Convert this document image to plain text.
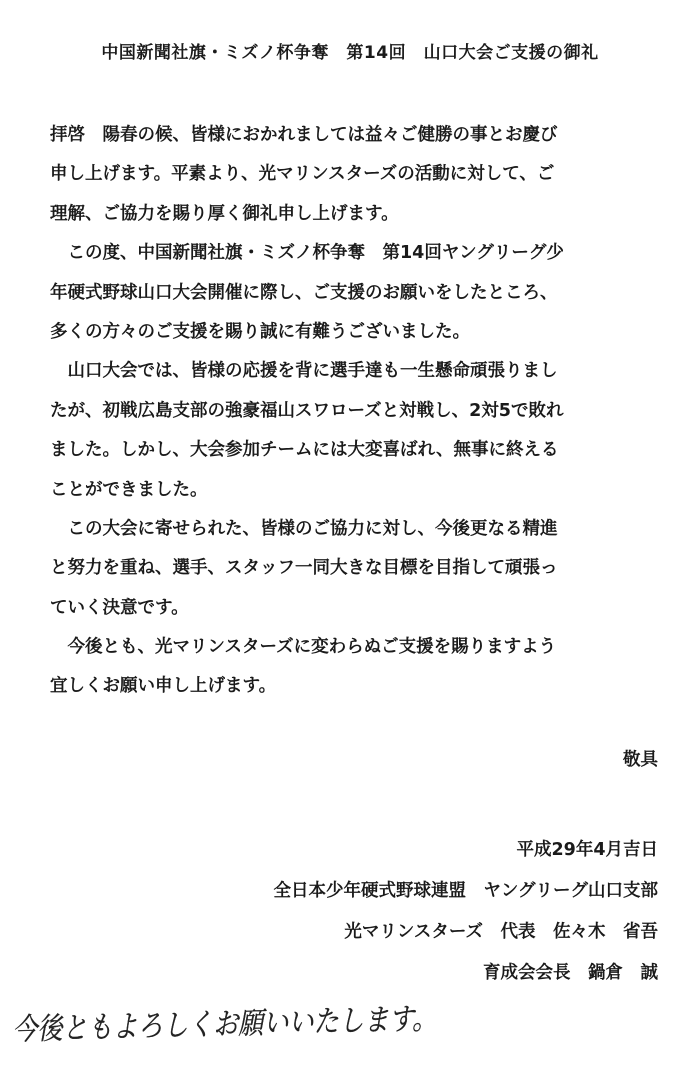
中国新聞社旗・ミズノ杯争奪　第14回　山口大会ご支援の御礼
拝啓　陽春の候、皆様におかれましては益々ご健勝の事とお慶び
申し上げます。平素より、光マリンスターズの活動に対して、ご
理解、ご協力を賜り厚く御礼申し上げます。
　この度、中国新聞社旗・ミズノ杯争奪　第14回ヤングリーグ少
年硬式野球山口大会開催に際し、ご支援のお願いをしたところ、
多くの方々のご支援を賜り誠に有難うございました。
　山口大会では、皆様の応援を背に選手達も一生懸命頑張りまし
たが、初戦広島支部の強豪福山スワローズと対戦し、2対5で敗れ
ました。しかし、大会参加チームには大変喜ばれ、無事に終える
ことができました。
　この大会に寄せられた、皆様のご協力に対し、今後更なる精進
と努力を重ね、選手、スタッフ一同大きな目標を目指して頑張っ
ていく決意です。
　今後とも、光マリンスターズに変わらぬご支援を賜りますよう
宜しくお願い申し上げます。
敬具
平成29年4月吉日
全日本少年硬式野球連盟　ヤングリーグ山口支部
光マリンスターズ　代表　佐々木　省吾
育成会会長　鍋倉　誠
今後ともよろしくお願いいたします。
